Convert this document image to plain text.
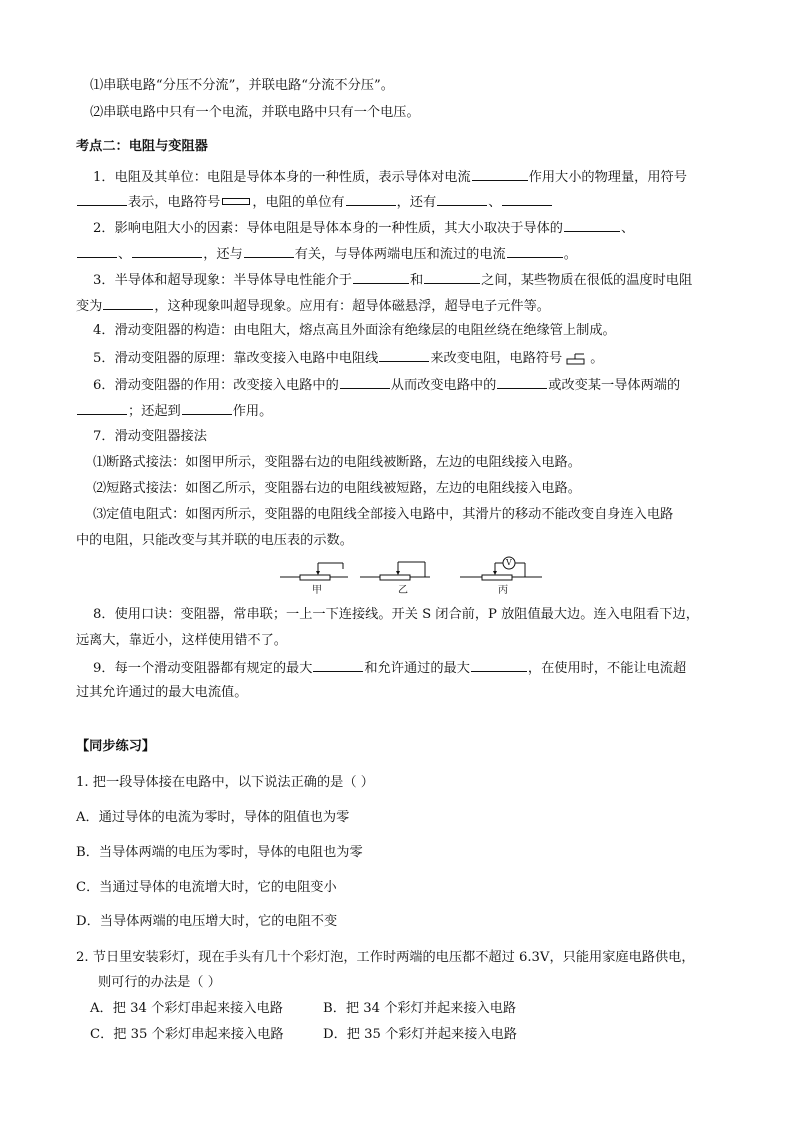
⑴串联电路“分压不分流”，并联电路“分流不分压”。
⑵串联电路中只有一个电流，并联电路中只有一个电压。
考点二：电阻与变阻器
1．电阻及其单位：电阻是导体本身的一种性质，表示导体对电流	作用大小的物理量，用符号
表示，电路符号 ，电阻的单位有	，还有	、
2．影响电阻大小的因素：导体电阻是导体本身的一种性质，其大小取决于导体的	、
、	，还与	有关，与导体两端电压和流过的电流	。
3．半导体和超导现象：半导体导电性能介于	和	之间，某些物质在很低的温度时电阻
变为	，这种现象叫超导现象。应用有：超导体磁悬浮，超导电子元件等。
4．滑动变阻器的构造：由电阻大，熔点高且外面涂有绝缘层的电阻丝绕在绝缘管上制成。
5．滑动变阻器的原理：靠改变接入电路中电阻线	来改变电阻，电路符号 。
6．滑动变阻器的作用：改变接入电路中的	从而改变电路中的	或改变某一导体两端的
；还起到	作用。
7．滑动变阻器接法
⑴断路式接法：如图甲所示，变阻器右边的电阻线被断路，左边的电阻线接入电路。
⑵短路式接法：如图乙所示，变阻器右边的电阻线被短路，左边的电阻线接入电路。
⑶定值电阻式：如图丙所示，变阻器的电阻线全部接入电路中，其滑片的移动不能改变自身连入电路
中的电阻，只能改变与其并联的电压表的示数。
V
甲	乙	丙
8．使用口诀：变阻器，常串联；一上一下连接线。开关 S 闭合前，P 放阻值最大边。连入电阻看下边，
远离大，靠近小，这样使用错不了。
9．每一个滑动变阻器都有规定的最大	和允许通过的最大	，在使用时，不能让电流超
过其允许通过的最大电流值。
【同步练习】
1. 把一段导体接在电路中，以下说法正确的是（ ）
A．通过导体的电流为零时，导体的阻值也为零
B．当导体两端的电压为零时，导体的电阻也为零
C．当通过导体的电流增大时，它的电阻变小
D．当导体两端的电压增大时，它的电阻不变
2. 节日里安装彩灯，现在手头有几十个彩灯泡，工作时两端的电压都不超过 6.3V，只能用家庭电路供电，
则可行的办法是（ ）
A．把 34 个彩灯串起来接入电路	B．把 34 个彩灯并起来接入电路
C．把 35 个彩灯串起来接入电路	D．把 35 个彩灯并起来接入电路
